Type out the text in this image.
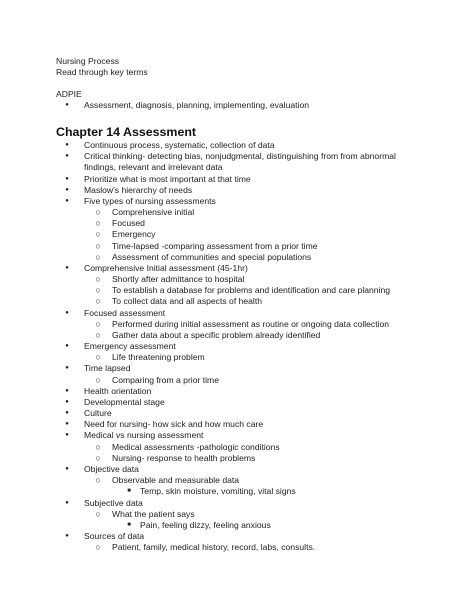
Nursing Process
Read through key terms
ADPIE
● Assessment, diagnosis, planning, implementing, evaluation
Chapter 14 Assessment
● Continuous process, systematic, collection of data
● Critical thinking- detecting bias, nonjudgmental, distinguishing from from abnormal
findings, relevant and irrelevant data
● Prioritize what is most important at that time
● Maslow's hierarchy of needs
● Five types of nursing assessments
○ Comprehensive initial
○ Focused
○ Emergency
○ Time-lapsed -comparing assessment from a prior time
○ Assessment of communities and special populations
● Comprehensive Initial assessment (45-1hr)
○ Shortly after admittance to hospital
○ To establish a database for problems and identification and care planning
○ To collect data and all aspects of health
● Focused assessment
○ Performed during initial assessment as routine or ongoing data collection
○ Gather data about a specific problem already identified
● Emergency assessment
○ Life threatening problem
● Time lapsed
○ Comparing from a prior time
● Health orientation
● Developmental stage
● Culture
● Need for nursing- how sick and how much care
● Medical vs nursing assessment
○ Medical assessments -pathologic conditions
○ Nursing- response to health problems
● Objective data
○ Observable and measurable data
■ Temp, skin moisture, vomiting, vital signs
● Subjective data
○ What the patient says
■ Pain, feeling dizzy, feeling anxious
● Sources of data
○ Patient, family, medical history, record, labs, consults.
